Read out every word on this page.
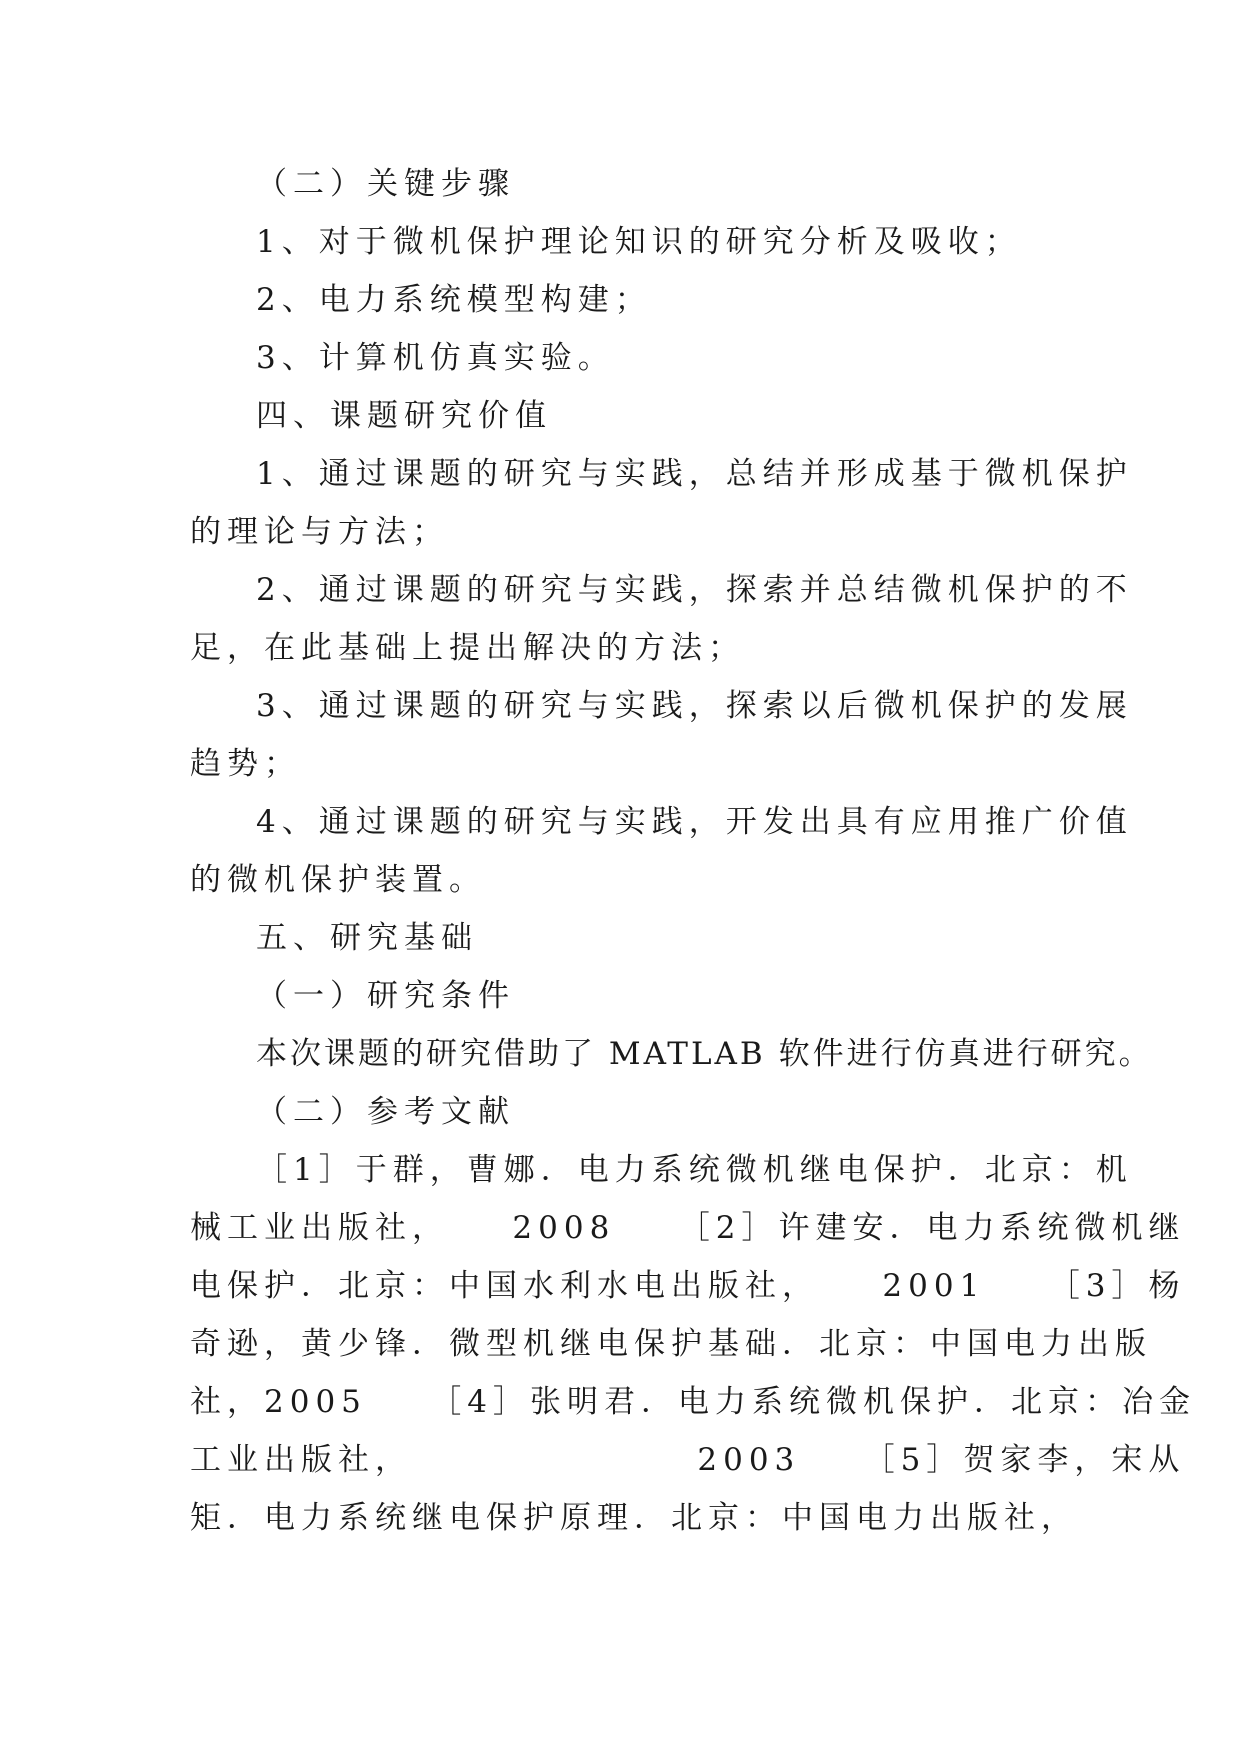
（二）关键步骤
1、对于微机保护理论知识的研究分析及吸收；
2、电力系统模型构建；
3、计算机仿真实验。
四、课题研究价值
1、通过课题的研究与实践，总结并形成基于微机保护
的理论与方法；
2、通过课题的研究与实践，探索并总结微机保护的不
足，在此基础上提出解决的方法；
3、通过课题的研究与实践，探索以后微机保护的发展
趋势；
4、通过课题的研究与实践，开发出具有应用推广价值
的微机保护装置。
五、研究基础
（一）研究条件
本次课题的研究借助了 MATLAB 软件进行仿真进行研究。
（二）参考文献
［1］于群，曹娜．电力系统微机继电保护．北京：机
械工业出版社，    2008    ［2］许建安．电力系统微机继
电保护．北京：中国水利水电出版社，    2001    ［3］杨
奇逊，黄少锋．微型机继电保护基础．北京：中国电力出版
社，2005    ［4］张明君．电力系统微机保护．北京：冶金
工业出版社，                  2003    ［5］贺家李，宋从
矩．电力系统继电保护原理．北京：中国电力出版社，
